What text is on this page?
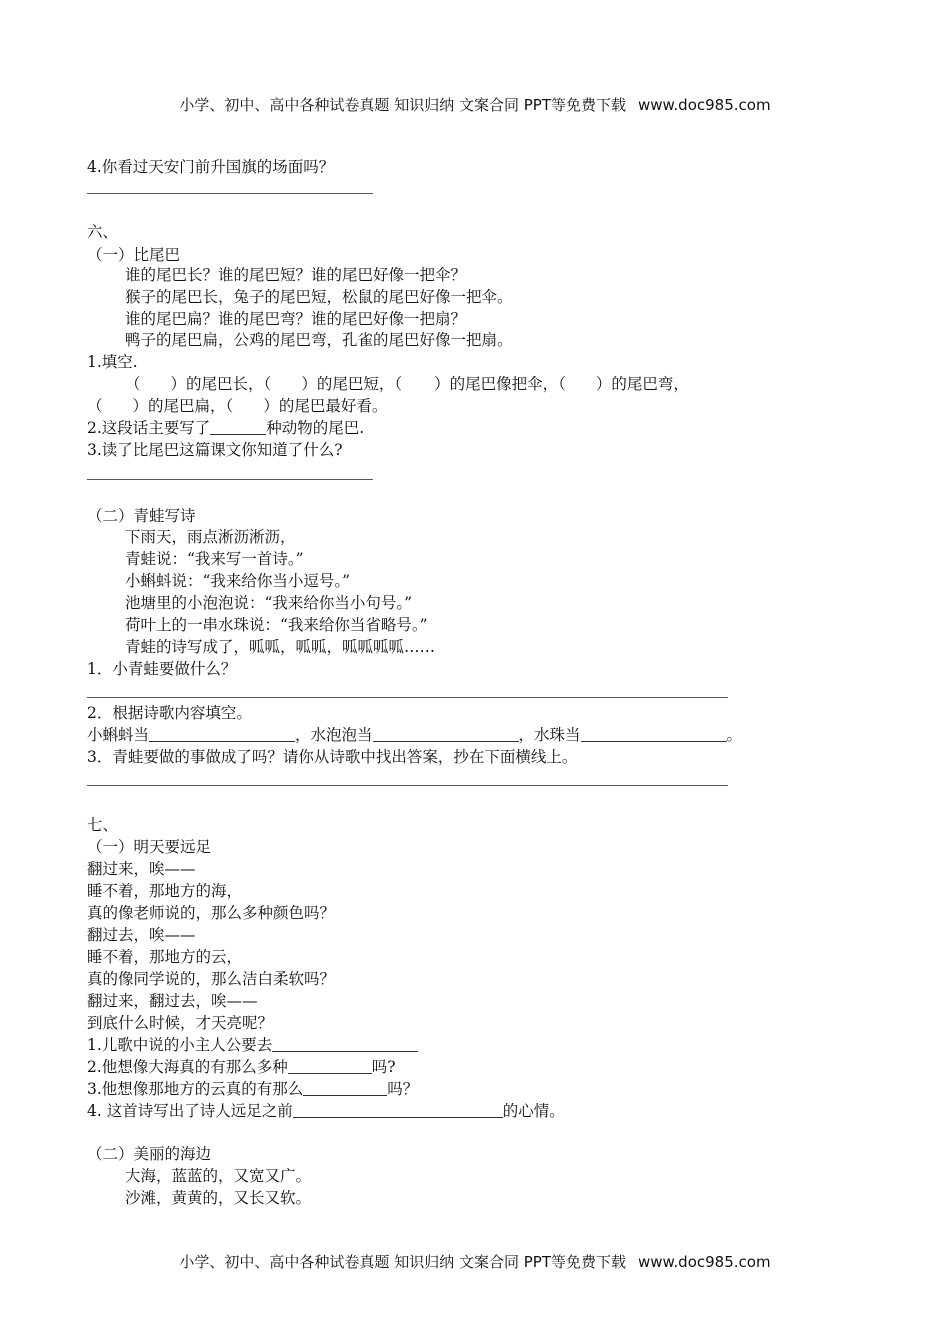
小学、初中、高中各种试卷真题 知识归纳 文案合同 PPT等免费下载 www.doc985.com
4.你看过天安门前升国旗的场面吗？
六、
（一）比尾巴
谁的尾巴长？谁的尾巴短？谁的尾巴好像一把伞？
猴子的尾巴长，兔子的尾巴短，松鼠的尾巴好像一把伞。
谁的尾巴扁？谁的尾巴弯？谁的尾巴好像一把扇？
鸭子的尾巴扁，公鸡的尾巴弯，孔雀的尾巴好像一把扇。
1.填空.
（ ）的尾巴长，（ ）的尾巴短，（ ）的尾巴像把伞，（ ）的尾巴弯，
（ ）的尾巴扁，（ ）的尾巴最好看。
2.这段话主要写了	种动物的尾巴.
3.读了比尾巴这篇课文你知道了什么?
（二）青蛙写诗
下雨天，雨点淅沥淅沥，
青蛙说：“我来写一首诗。”
小蝌蚪说：“我来给你当小逗号。”
池塘里的小泡泡说：“我来给你当小句号。”
荷叶上的一串水珠说：“我来给你当省略号。”
青蛙的诗写成了，呱呱，呱呱，呱呱呱呱……
1．小青蛙要做什么？
2．根据诗歌内容填空。
小蝌蚪当	，水泡泡当	，水珠当	。
3．青蛙要做的事做成了吗？请你从诗歌中找出答案，抄在下面横线上。
七、
（一）明天要远足
翻过来，唉——
睡不着，那地方的海，
真的像老师说的，那么多种颜色吗？
翻过去，唉——
睡不着，那地方的云，
真的像同学说的，那么洁白柔软吗？
翻过来，翻过去，唉——
到底什么时候，才天亮呢？
1.儿歌中说的小主人公要去
2.他想像大海真的有那么多种	吗?
3.他想像那地方的云真的有那么	吗？
4. 这首诗写出了诗人远足之前	的心情。
（二）美丽的海边
大海，蓝蓝的，又宽又广。
沙滩，黄黄的，又长又软。
小学、初中、高中各种试卷真题 知识归纳 文案合同 PPT等免费下载 www.doc985.com
